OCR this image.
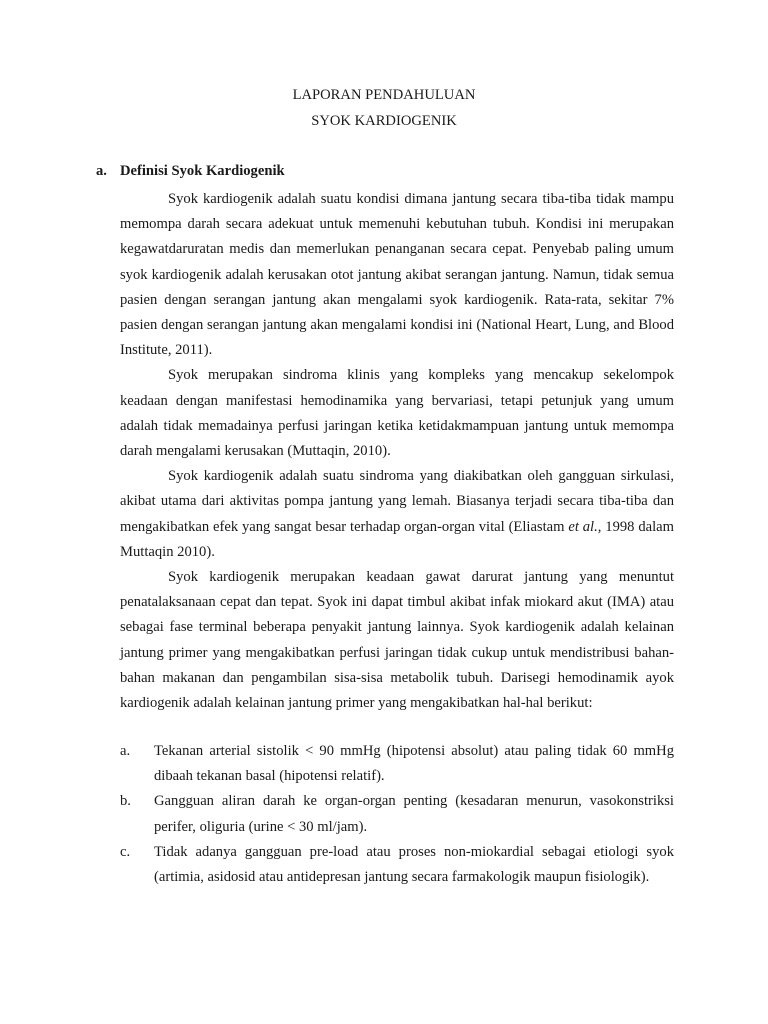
LAPORAN PENDAHULUAN
SYOK KARDIOGENIK
a. Definisi Syok Kardiogenik

Syok kardiogenik adalah suatu kondisi dimana jantung secara tiba-tiba tidak mampu memompa darah secara adekuat untuk memenuhi kebutuhan tubuh. Kondisi ini merupakan kegawatdaruratan medis dan memerlukan penanganan secara cepat. Penyebab paling umum syok kardiogenik adalah kerusakan otot jantung akibat serangan jantung. Namun, tidak semua pasien dengan serangan jantung akan mengalami syok kardiogenik. Rata-rata, sekitar 7% pasien dengan serangan jantung akan mengalami kondisi ini (National Heart, Lung, and Blood Institute, 2011).

Syok merupakan sindroma klinis yang kompleks yang mencakup sekelompok keadaan dengan manifestasi hemodinamika yang bervariasi, tetapi petunjuk yang umum adalah tidak memadainya perfusi jaringan ketika ketidakmampuan jantung untuk memompa darah mengalami kerusakan (Muttaqin, 2010).

Syok kardiogenik adalah suatu sindroma yang diakibatkan oleh gangguan sirkulasi, akibat utama dari aktivitas pompa jantung yang lemah. Biasanya terjadi secara tiba-tiba dan mengakibatkan efek yang sangat besar terhadap organ-organ vital (Eliastam et al., 1998 dalam Muttaqin 2010).

Syok kardiogenik merupakan keadaan gawat darurat jantung yang menuntut penatalaksanaan cepat dan tepat. Syok ini dapat timbul akibat infak miokard akut (IMA) atau sebagai fase terminal beberapa penyakit jantung lainnya. Syok kardiogenik adalah kelainan jantung primer yang mengakibatkan perfusi jaringan tidak cukup untuk mendistribusi bahan-bahan makanan dan pengambilan sisa-sisa metabolik tubuh. Darisegi hemodinamik ayok kardiogenik adalah kelainan jantung primer yang mengakibatkan hal-hal berikut:

a.	Tekanan arterial sistolik < 90 mmHg (hipotensi absolut) atau paling tidak 60 mmHg dibaah tekanan basal (hipotensi relatif).
b.	Gangguan aliran darah ke organ-organ penting (kesadaran menurun, vasokonstriksi perifer, oliguria (urine < 30 ml/jam).
c.	Tidak adanya gangguan pre-load atau proses non-miokardial sebagai etiologi syok (artimia, asidosid atau antidepresan jantung secara farmakologik maupun fisiologik).
